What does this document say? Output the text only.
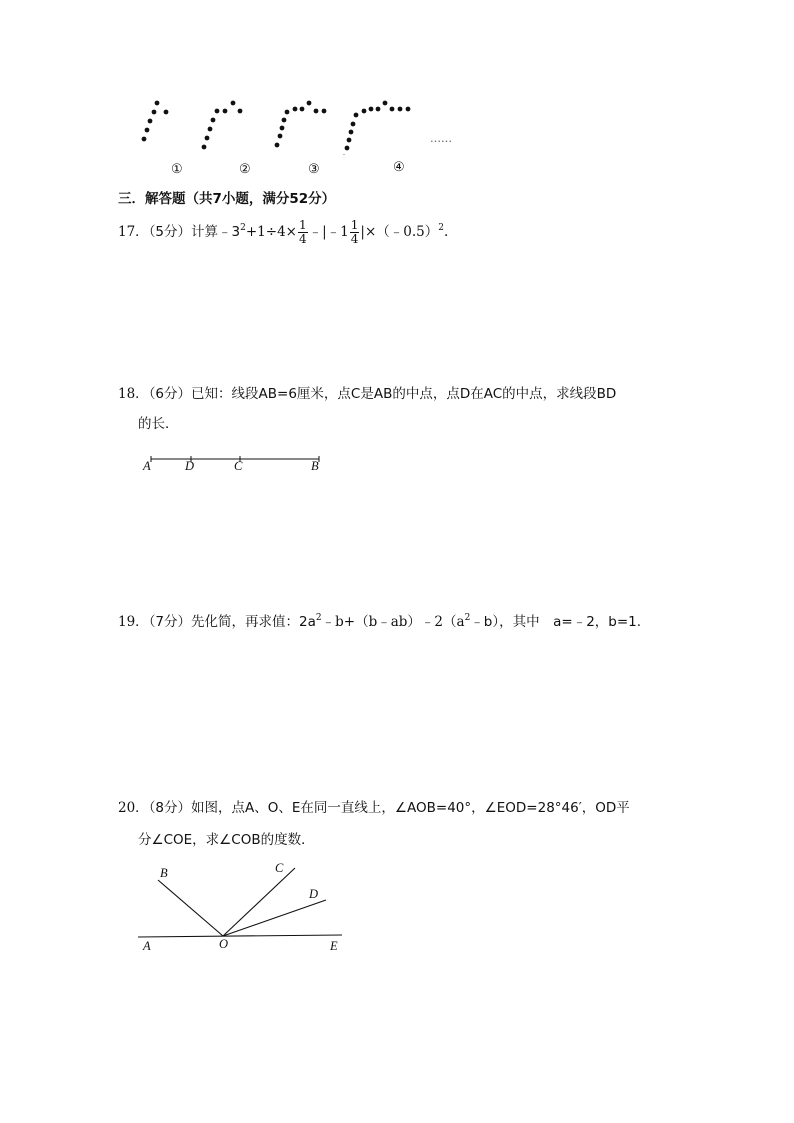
①	②	③	④
……
三．解答题（共7小题，满分52分）
17．（5分）计算$﹣3^2+1\div 4\times \frac{1}{4}$ ﹣|﹣1 $\frac{1}{4}$ |×（﹣0.5）$^2$.
18．（6分）已知：线段AB=6厘米，点C是AB的中点，点D在AC的中点，求线段BD
的长．
A	D	C	B
19．（7分）先化简，再求值：$2a^2﹣b+(b﹣ab)﹣2(a^2﹣b)$，其中　a=﹣2，b=1.
20．（8分）如图，点A、O、E在同一直线上，∠AOB=40°，∠EOD=28°46′，OD平
分∠COE，求∠COB的度数．
B	C
D
A	O	E
